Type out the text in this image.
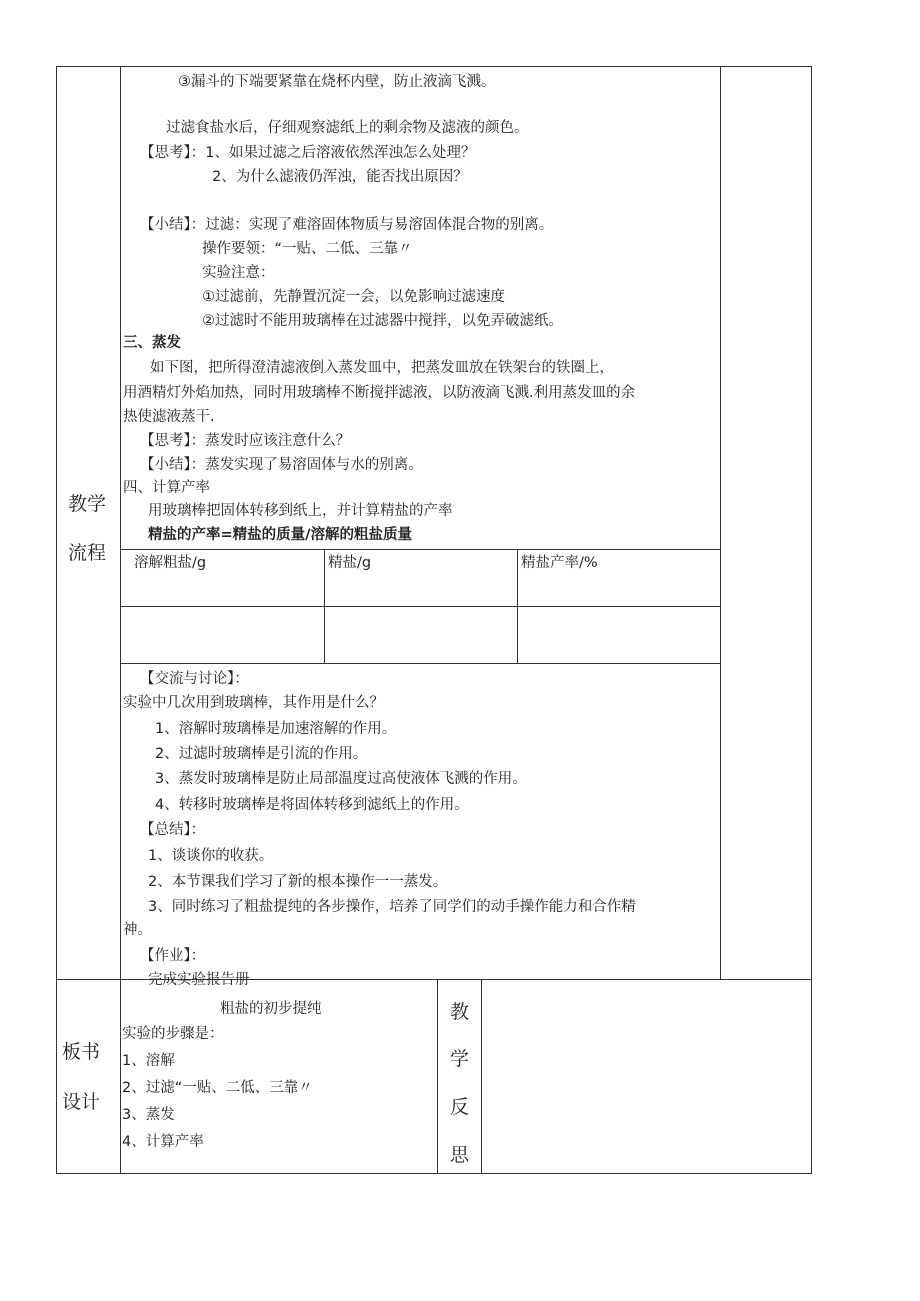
教学
流程
板书
设计
③漏斗的下端要紧靠在烧杯内壁，防止液滴飞溅。
过滤食盐水后，仔细观察滤纸上的剩余物及滤液的颜色。
【思考】：1、如果过滤之后溶液依然浑浊怎么处理？
2、为什么滤液仍浑浊，能否找出原因？
【小结】：过滤：实现了难溶固体物质与易溶固体混合物的别离。
操作要领：“一贴、二低、三靠〃
实验注意：
①过滤前，先静置沉淀一会，以免影响过滤速度
②过滤时不能用玻璃棒在过滤器中搅拌，以免弄破滤纸。
三、蒸发
如下图，把所得澄清滤液倒入蒸发皿中，把蒸发皿放在铁架台的铁圈上，
用酒精灯外焰加热，同时用玻璃棒不断搅拌滤液，以防液滴飞溅.利用蒸发皿的余
热使滤液蒸干.
【思考】：蒸发时应该注意什么？
【小结】：蒸发实现了易溶固体与水的别离。
四、计算产率
用玻璃棒把固体转移到纸上，并计算精盐的产率
精盐的产率=精盐的质量/溶解的粗盐质量
溶解粗盐/g	精盐/g	精盐产率/%
【交流与讨论】：
实验中几次用到玻璃棒，其作用是什么？
1、溶解时玻璃棒是加速溶解的作用。
2、过滤时玻璃棒是引流的作用。
3、蒸发时玻璃棒是防止局部温度过高使液体飞溅的作用。
4、转移时玻璃棒是将固体转移到滤纸上的作用。
【总结】：
1、谈谈你的收获。
2、本节课我们学习了新的根本操作一一蒸发。
3、同时练习了粗盐提纯的各步操作，培养了同学们的动手操作能力和合作精
神。
【作业】：
完成实验报告册
粗盐的初步提纯
实验的步骤是：
1、溶解
2、过滤“一贴、二低、三靠〃
3、蒸发
4、计算产率
教
学
反
思
